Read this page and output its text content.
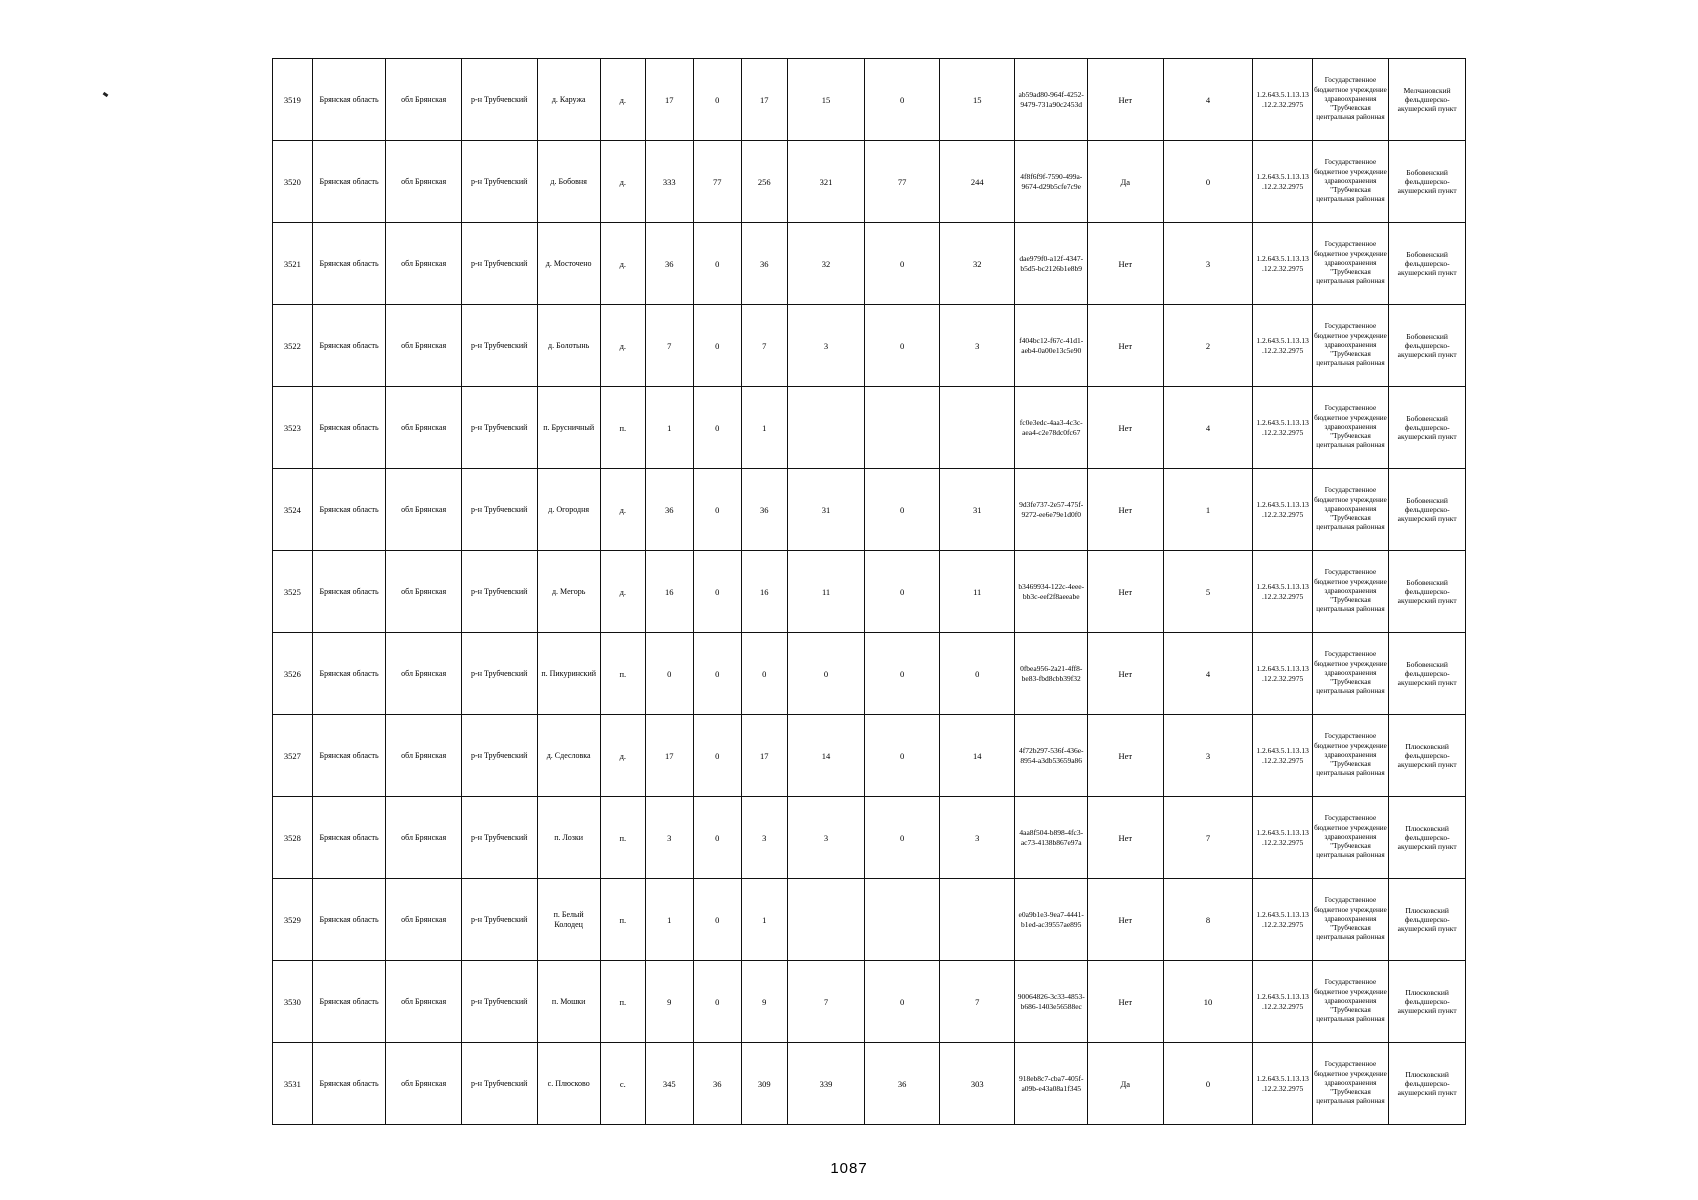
3519	Брянская область	обл Брянская	р-н Трубчевский	д. Каружа	д.	17	0	17	15	0	15	ab59ad80-964f-4252-9479-731a90c2453d	Нет	4	1.2.643.5.1.13.13.12.2.32.2975	Государственное бюджетное учреждение здравоохранения "Трубчевская центральная районная	Мелчановский фельдшерско-акушерский пункт
3520	Брянская область	обл Брянская	р-н Трубчевский	д. Бобовня	д.	333	77	256	321	77	244	4f8f6f9f-7590-499a-9674-d29b5cfe7c9e	Да	0	1.2.643.5.1.13.13.12.2.32.2975	Государственное бюджетное учреждение здравоохранения "Трубчевская центральная районная	Бобовенский фельдшерско-акушерский пункт
3521	Брянская область	обл Брянская	р-н Трубчевский	д. Мосточено	д.	36	0	36	32	0	32	dae979f0-a12f-4347-b5d5-bc2126b1e8b9	Нет	3	1.2.643.5.1.13.13.12.2.32.2975	Государственное бюджетное учреждение здравоохранения "Трубчевская центральная районная	Бобовенский фельдшерско-акушерский пункт
3522	Брянская область	обл Брянская	р-н Трубчевский	д. Болотынь	д.	7	0	7	3	0	3	f404bc12-f67c-41d1-aeb4-0a00e13c5e90	Нет	2	1.2.643.5.1.13.13.12.2.32.2975	Государственное бюджетное учреждение здравоохранения "Трубчевская центральная районная	Бобовенский фельдшерско-акушерский пункт
3523	Брянская область	обл Брянская	р-н Трубчевский	п. Брусничный	п.	1	0	1				fc0e3edc-4aa3-4c3c-aea4-c2e78dc0fc67	Нет	4	1.2.643.5.1.13.13.12.2.32.2975	Государственное бюджетное учреждение здравоохранения "Трубчевская центральная районная	Бобовенский фельдшерско-акушерский пункт
3524	Брянская область	обл Брянская	р-н Трубчевский	д. Огородня	д.	36	0	36	31	0	31	9d3fe737-2e57-475f-9272-ee6e79e1d0f0	Нет	1	1.2.643.5.1.13.13.12.2.32.2975	Государственное бюджетное учреждение здравоохранения "Трубчевская центральная районная	Бобовенский фельдшерско-акушерский пункт
3525	Брянская область	обл Брянская	р-н Трубчевский	д. Мегорь	д.	16	0	16	11	0	11	b3469934-122c-4eee-bb3c-eef2f8aeeabe	Нет	5	1.2.643.5.1.13.13.12.2.32.2975	Государственное бюджетное учреждение здравоохранения "Трубчевская центральная районная	Бобовенский фельдшерско-акушерский пункт
3526	Брянская область	обл Брянская	р-н Трубчевский	п. Пикуринский	п.	0	0	0	0	0	0	0fbea956-2a21-4ff8-be83-fbd8cbb39f32	Нет	4	1.2.643.5.1.13.13.12.2.32.2975	Государственное бюджетное учреждение здравоохранения "Трубчевская центральная районная	Бобовенский фельдшерско-акушерский пункт
3527	Брянская область	обл Брянская	р-н Трубчевский	д. Сдесловка	д.	17	0	17	14	0	14	4f72b297-536f-436e-8954-a3db53659a86	Нет	3	1.2.643.5.1.13.13.12.2.32.2975	Государственное бюджетное учреждение здравоохранения "Трубчевская центральная районная	Плюсковский фельдшерско-акушерский пункт
3528	Брянская область	обл Брянская	р-н Трубчевский	п. Лозки	п.	3	0	3	3	0	3	4aa8f504-b898-4fc3-ac73-4138b867e97a	Нет	7	1.2.643.5.1.13.13.12.2.32.2975	Государственное бюджетное учреждение здравоохранения "Трубчевская центральная районная	Плюсковский фельдшерско-акушерский пункт
3529	Брянская область	обл Брянская	р-н Трубчевский	п. Белый Колодец	п.	1	0	1				e0a9b1e3-9ea7-4441-b1ed-ac39557ae895	Нет	8	1.2.643.5.1.13.13.12.2.32.2975	Государственное бюджетное учреждение здравоохранения "Трубчевская центральная районная	Плюсковский фельдшерско-акушерский пункт
3530	Брянская область	обл Брянская	р-н Трубчевский	п. Мошки	п.	9	0	9	7	0	7	90064826-3c33-4853-b686-1403e56588ec	Нет	10	1.2.643.5.1.13.13.12.2.32.2975	Государственное бюджетное учреждение здравоохранения "Трубчевская центральная районная	Плюсковский фельдшерско-акушерский пункт
3531	Брянская область	обл Брянская	р-н Трубчевский	с. Плюсково	с.	345	36	309	339	36	303	918eb8c7-cba7-405f-a09b-e43a08a1f345	Да	0	1.2.643.5.1.13.13.12.2.32.2975	Государственное бюджетное учреждение здравоохранения "Трубчевская центральная районная	Плюсковский фельдшерско-акушерский пункт
1087
